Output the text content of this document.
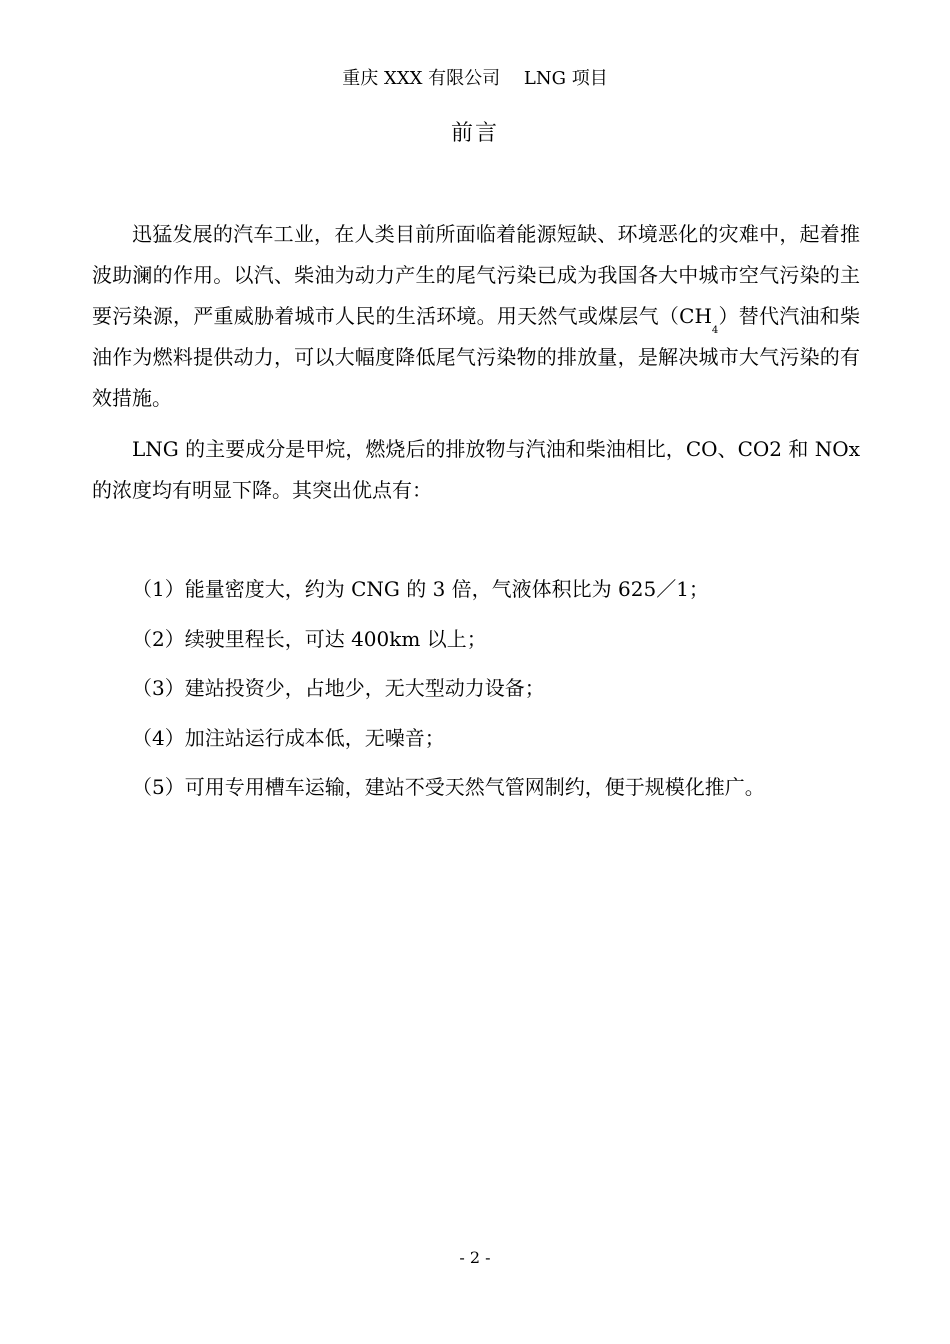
重庆 XXX 有限公司　 LNG 项目
前言

迅猛发展的汽车工业，在人类目前所面临着能源短缺、环境恶化的灾难中，起着推波助澜的作用。以汽、柴油为动力产生的尾气污染已成为我国各大中城市空气污染的主要污染源，严重威胁着城市人民的生活环境。用天然气或煤层气$(CH_4)$替代汽油和柴油作为燃料提供动力，可以大幅度降低尾气污染物的排放量，是解决城市大气污染的有效措施。

LNG 的主要成分是甲烷，燃烧后的排放物与汽油和柴油相比，CO、CO2 和 NOx 的浓度均有明显下降。其突出优点有：

（1）能量密度大，约为 CNG 的 3 倍，气液体积比为 625／1；
（2）续驶里程长，可达 400km 以上；
（3）建站投资少，占地少，无大型动力设备；
（4）加注站运行成本低，无噪音；
（5）可用专用槽车运输，建站不受天然气管网制约，便于规模化推广。
- 2 -
